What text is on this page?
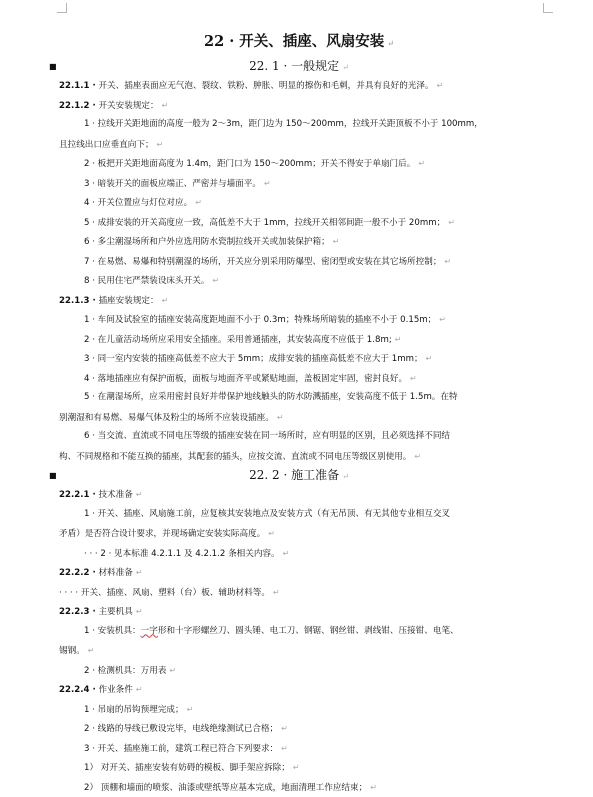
22 · 开关、插座、风扇安装 ↵
■	22. 1 · 一般规定 ↵
22.1.1 · 开关、插座表面应无气泡、裂纹、铁粉、肿胀、明显的擦伤和毛刺，并具有良好的光泽。 ↵
22.1.2 · 开关安装规定： ↵
1 · 拉线开关距地面的高度一般为 2～3m，距门边为 150～200mm，拉线开关距顶板不小于 100mm，
且拉线出口应垂直向下； ↵
2 · 板把开关距地面高度为 1.4m，距门口为 150～200mm；开关不得安于单扇门后。 ↵
3 · 暗装开关的面板应端正、严密并与墙面平。 ↵
4 · 开关位置应与灯位对应。 ↵
5 · 成排安装的开关高度应一致，高低差不大于 1mm，拉线开关相邻间距一般不小于 20mm； ↵
6 · 多尘潮湿场所和户外应选用防水瓷制拉线开关或加装保护箱； ↵
7 · 在易燃、易爆和特别潮湿的场所，开关应分别采用防爆型、密闭型或安装在其它场所控制； ↵
8 · 民用住宅严禁装设床头开关。 ↵
22.1.3 · 插座安装规定： ↵
1 · 车间及试验室的插座安装高度距地面不小于 0.3m；特殊场所暗装的插座不小于 0.15m； ↵
2 · 在儿童活动场所应采用安全插座。采用普通插座，其安装高度不应低于 1.8m; ↵
3 · 同一室内安装的插座高低差不应大于 5mm；成排安装的插座高低差不应大于 1mm； ↵
4 · 落地插座应有保护面板，面板与地面齐平或紧贴地面，盖板固定牢固，密封良好。 ↵
5 · 在潮湿场所，应采用密封良好并带保护地线触头的防水防溅插座，安装高度不低于 1.5m。在特
别潮湿和有易燃、易爆气体及粉尘的场所不应装设插座。 ↵
6 · 当交流、直流或不同电压等级的插座安装在同一场所时，应有明显的区别，且必须选择不同结
构、不同规格和不能互换的插座，其配套的插头，应按交流、直流或不同电压等级区别使用。 ↵
■	22. 2 · 施工准备 ↵
22.2.1 · 技术准备 ↵
1 · 开关、插座、风扇施工前，应复核其安装地点及安装方式（有无吊顶、有无其他专业相互交叉
矛盾）是否符合设计要求，并现场确定安装实际高度。 ↵
· · · 2 · 见本标准 4.2.1.1 及 4.2.1.2 条相关内容。 ↵
22.2.2 · 材料准备 ↵
· · · · 开关、插座、风扇、塑料（台）板、辅助材料等。 ↵
22.2.3 · 主要机具 ↵
1 · 安装机具：一字形和十字形螺丝刀、圆头锤、电工刀、钢锯、钢丝钳、剥线钳、压接钳、电笔、
锡钢。 ↵
2 · 检测机具：万用表 ↵
22.2.4 · 作业条件 ↵
1 · 吊扇的吊钩预埋完成； ↵
2 · 线路的导线已敷设完毕，电线绝缘测试已合格； ↵
3 · 开关、插座施工前，建筑工程已符合下列要求： ↵
1） 对开关、插座安装有妨碍的模板、脚手架应拆除； ↵
2） 顶棚和墙面的喷浆、油漆或壁纸等应基本完成，地面清理工作应结束； ↵
